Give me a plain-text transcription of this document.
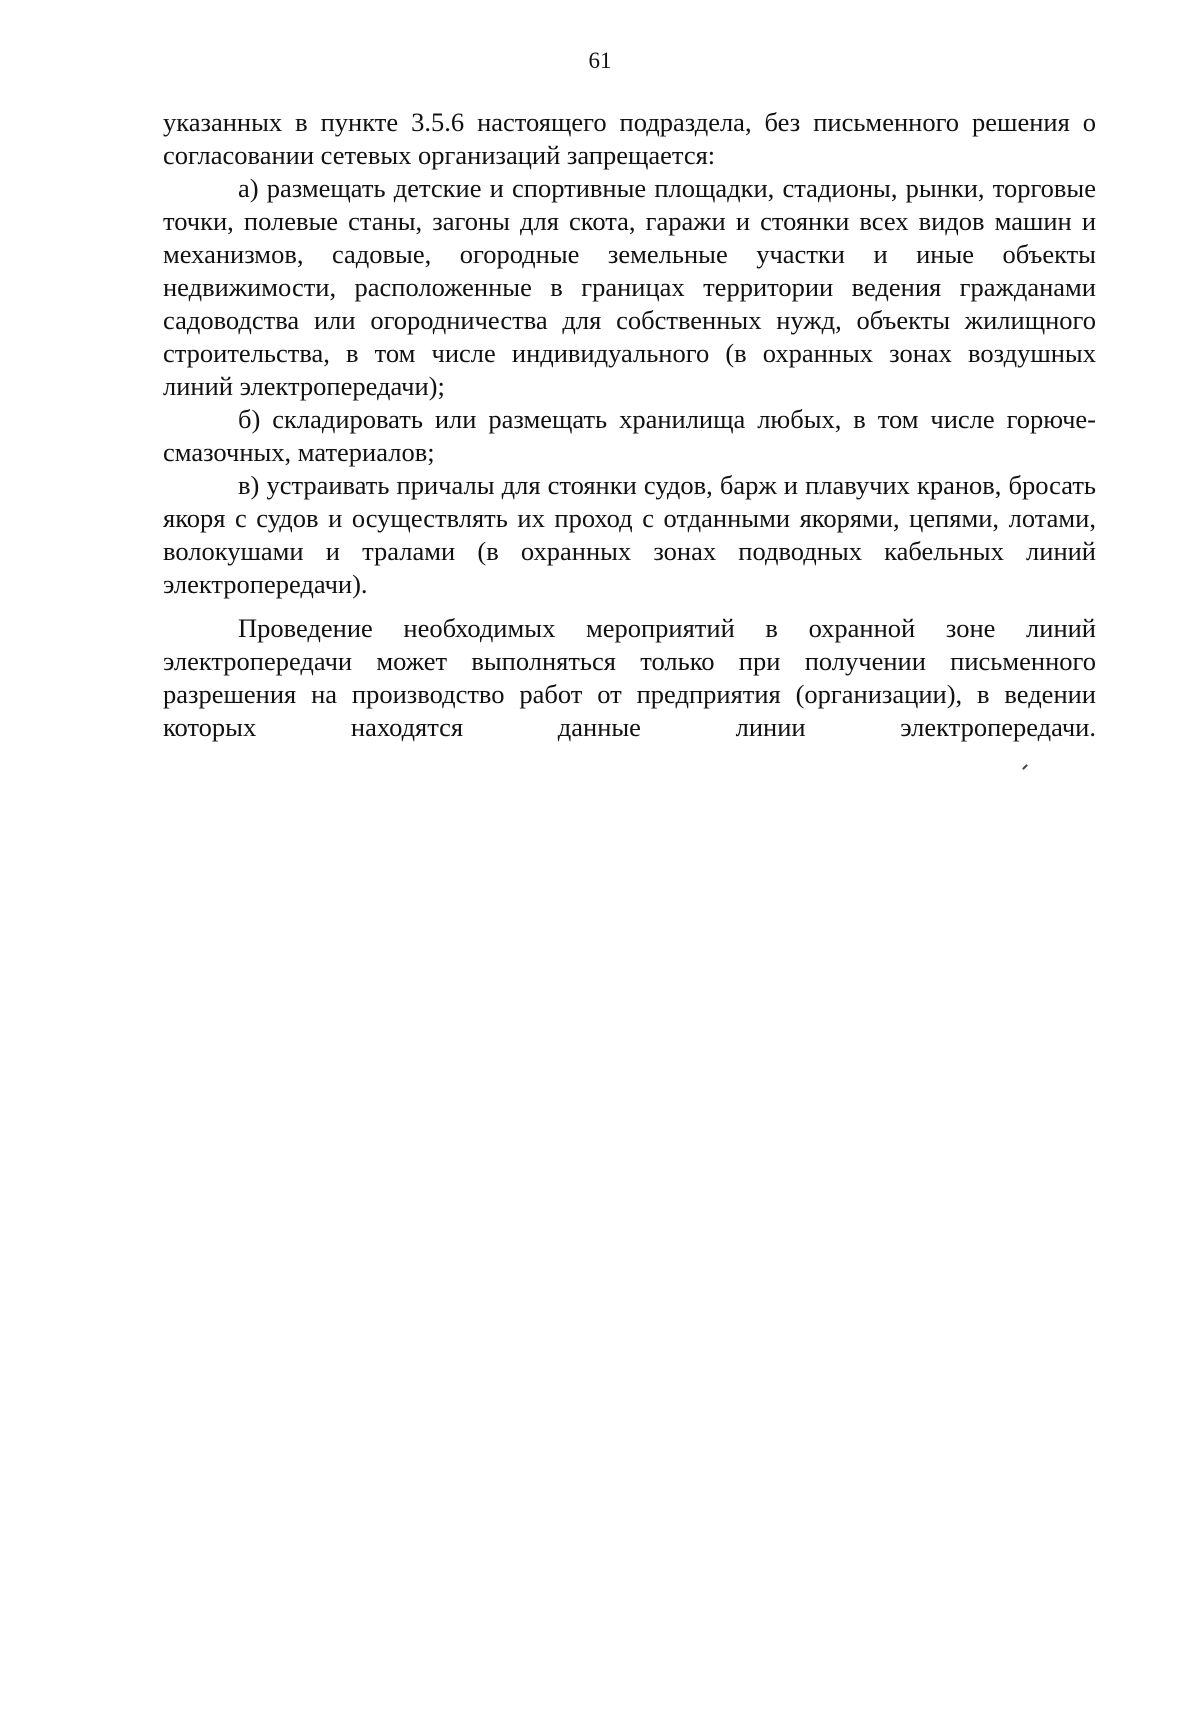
61

указанных в пункте 3.5.6 настоящего подраздела, без письменного решения о согласовании сетевых организаций запрещается:

а) размещать детские и спортивные площадки, стадионы, рынки, торговые точки, полевые станы, загоны для скота, гаражи и стоянки всех видов машин и механизмов, садовые, огородные земельные участки и иные объекты недвижимости, расположенные в границах территории ведения гражданами садоводства или огородничества для собственных нужд, объекты жилищного строительства, в том числе индивидуального (в охранных зонах воздушных линий электропередачи);

б) складировать или размещать хранилища любых, в том числе горюче-смазочных, материалов;

в) устраивать причалы для стоянки судов, барж и плавучих кранов, бросать якоря с судов и осуществлять их проход с отданными якорями, цепями, лотами, волокушами и тралами (в охранных зонах подводных кабельных линий электропередачи).

Проведение необходимых мероприятий в охранной зоне линий электропередачи может выполняться только при получении письменного разрешения на производство работ от предприятия (организации), в ведении которых находятся данные линии электропередачи.
